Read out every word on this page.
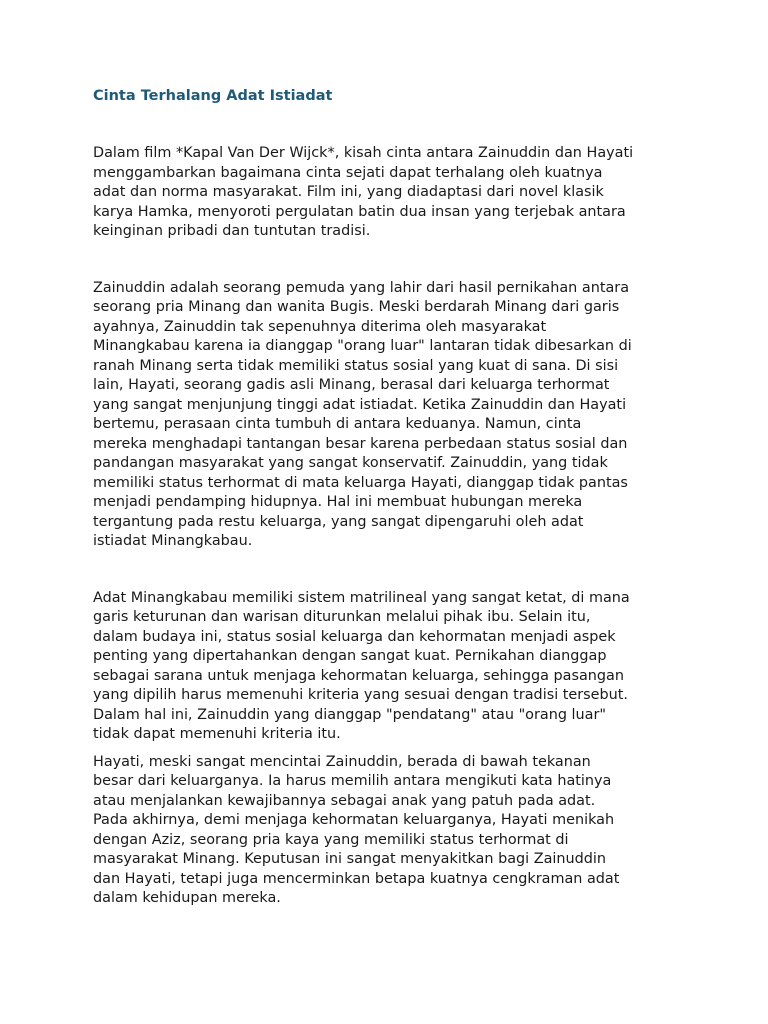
Cinta Terhalang Adat Istiadat

Dalam film *Kapal Van Der Wijck*, kisah cinta antara Zainuddin dan Hayati
menggambarkan bagaimana cinta sejati dapat terhalang oleh kuatnya
adat dan norma masyarakat. Film ini, yang diadaptasi dari novel klasik
karya Hamka, menyoroti pergulatan batin dua insan yang terjebak antara
keinginan pribadi dan tuntutan tradisi.

Zainuddin adalah seorang pemuda yang lahir dari hasil pernikahan antara
seorang pria Minang dan wanita Bugis. Meski berdarah Minang dari garis
ayahnya, Zainuddin tak sepenuhnya diterima oleh masyarakat
Minangkabau karena ia dianggap "orang luar" lantaran tidak dibesarkan di
ranah Minang serta tidak memiliki status sosial yang kuat di sana. Di sisi
lain, Hayati, seorang gadis asli Minang, berasal dari keluarga terhormat
yang sangat menjunjung tinggi adat istiadat. Ketika Zainuddin dan Hayati
bertemu, perasaan cinta tumbuh di antara keduanya. Namun, cinta
mereka menghadapi tantangan besar karena perbedaan status sosial dan
pandangan masyarakat yang sangat konservatif. Zainuddin, yang tidak
memiliki status terhormat di mata keluarga Hayati, dianggap tidak pantas
menjadi pendamping hidupnya. Hal ini membuat hubungan mereka
tergantung pada restu keluarga, yang sangat dipengaruhi oleh adat
istiadat Minangkabau.

Adat Minangkabau memiliki sistem matrilineal yang sangat ketat, di mana
garis keturunan dan warisan diturunkan melalui pihak ibu. Selain itu,
dalam budaya ini, status sosial keluarga dan kehormatan menjadi aspek
penting yang dipertahankan dengan sangat kuat. Pernikahan dianggap
sebagai sarana untuk menjaga kehormatan keluarga, sehingga pasangan
yang dipilih harus memenuhi kriteria yang sesuai dengan tradisi tersebut.
Dalam hal ini, Zainuddin yang dianggap "pendatang" atau "orang luar"
tidak dapat memenuhi kriteria itu.

Hayati, meski sangat mencintai Zainuddin, berada di bawah tekanan
besar dari keluarganya. Ia harus memilih antara mengikuti kata hatinya
atau menjalankan kewajibannya sebagai anak yang patuh pada adat.
Pada akhirnya, demi menjaga kehormatan keluarganya, Hayati menikah
dengan Aziz, seorang pria kaya yang memiliki status terhormat di
masyarakat Minang. Keputusan ini sangat menyakitkan bagi Zainuddin
dan Hayati, tetapi juga mencerminkan betapa kuatnya cengkraman adat
dalam kehidupan mereka.
